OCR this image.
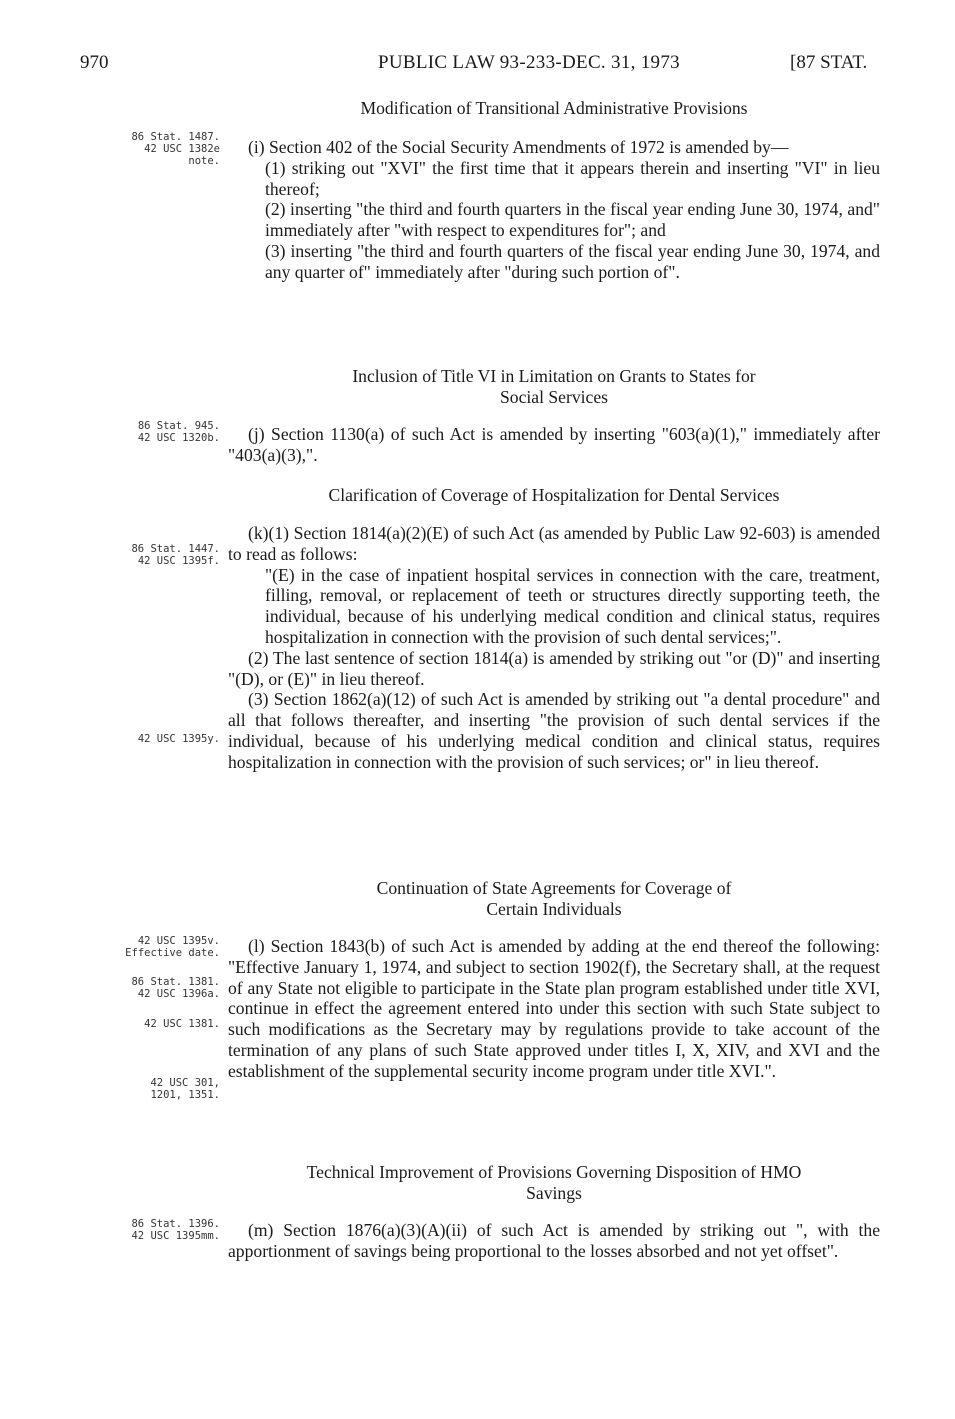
970	PUBLIC LAW 93-233-DEC. 31, 1973	[87 STAT.
Modification of Transitional Administrative Provisions
86 Stat. 1487.
42 USC 1382e
note.

(i) Section 402 of the Social Security Amendments of 1972 is amended by—

(1) striking out "XVI" the first time that it appears therein and inserting "VI" in lieu thereof;

(2) inserting "the third and fourth quarters in the fiscal year ending June 30, 1974, and" immediately after "with respect to expenditures for"; and

(3) inserting "the third and fourth quarters of the fiscal year ending June 30, 1974, and any quarter of" immediately after "during such portion of".

Inclusion of Title VI in Limitation on Grants to States for
Social Services
86 Stat. 945.
42 USC 1320b.	(j) Section 1130(a) of such Act is amended by inserting "603(a)(1)," immediately after "403(a)(3),".

Clarification of Coverage of Hospitalization for Dental Services
86 Stat. 1447.
42 USC 1395f.
42 USC 1395y.

(k)(1) Section 1814(a)(2)(E) of such Act (as amended by Public Law 92-603) is amended to read as follows:

"(E) in the case of inpatient hospital services in connection with the care, treatment, filling, removal, or replacement of teeth or structures directly supporting teeth, the individual, because of his underlying medical condition and clinical status, requires hospitalization in connection with the provision of such dental services;".

(2) The last sentence of section 1814(a) is amended by striking out "or (D)" and inserting "(D), or (E)" in lieu thereof.

(3) Section 1862(a)(12) of such Act is amended by striking out "a dental procedure" and all that follows thereafter, and inserting "the provision of such dental services if the individual, because of his underlying medical condition and clinical status, requires hospitalization in connection with the provision of such services; or" in lieu thereof.

Continuation of State Agreements for Coverage of
Certain Individuals
42 USC 1395v.
Effective date.
86 Stat. 1381.
42 USC 1396a.
42 USC 1381.
42 USC 301,
1201, 1351.

(l) Section 1843(b) of such Act is amended by adding at the end thereof the following: "Effective January 1, 1974, and subject to section 1902(f), the Secretary shall, at the request of any State not eligible to participate in the State plan program established under title XVI, continue in effect the agreement entered into under this section with such State subject to such modifications as the Secretary may by regulations provide to take account of the termination of any plans of such State approved under titles I, X, XIV, and XVI and the establishment of the supplemental security income program under title XVI.".

Technical Improvement of Provisions Governing Disposition of HMO
Savings
86 Stat. 1396.
42 USC 1395mm.	(m) Section 1876(a)(3)(A)(ii) of such Act is amended by striking out ", with the apportionment of savings being proportional to the losses absorbed and not yet offset".
